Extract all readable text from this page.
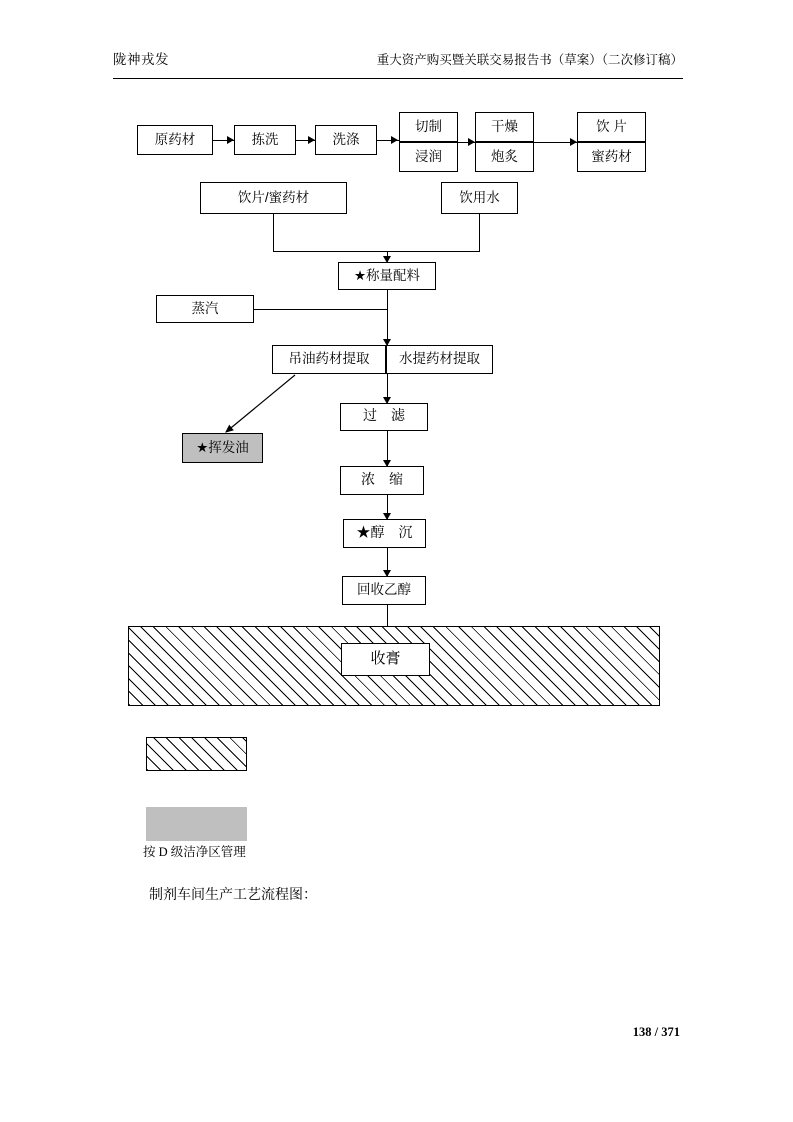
陇神戎发	重大资产购买暨关联交易报告书（草案）（二次修订稿）
原药材	拣洗	洗涤
切制
浸润
干燥
炮炙
饮 片
蜜药材
饮片/蜜药材	饮用水
★称量配料
蒸汽
吊油药材提取	水提药材提取
★挥发油
过　滤
浓　缩
★醇　沉
回收乙醇
收膏
按 D 级洁净区管理
制剂车间生产工艺流程图：
138 / 371
